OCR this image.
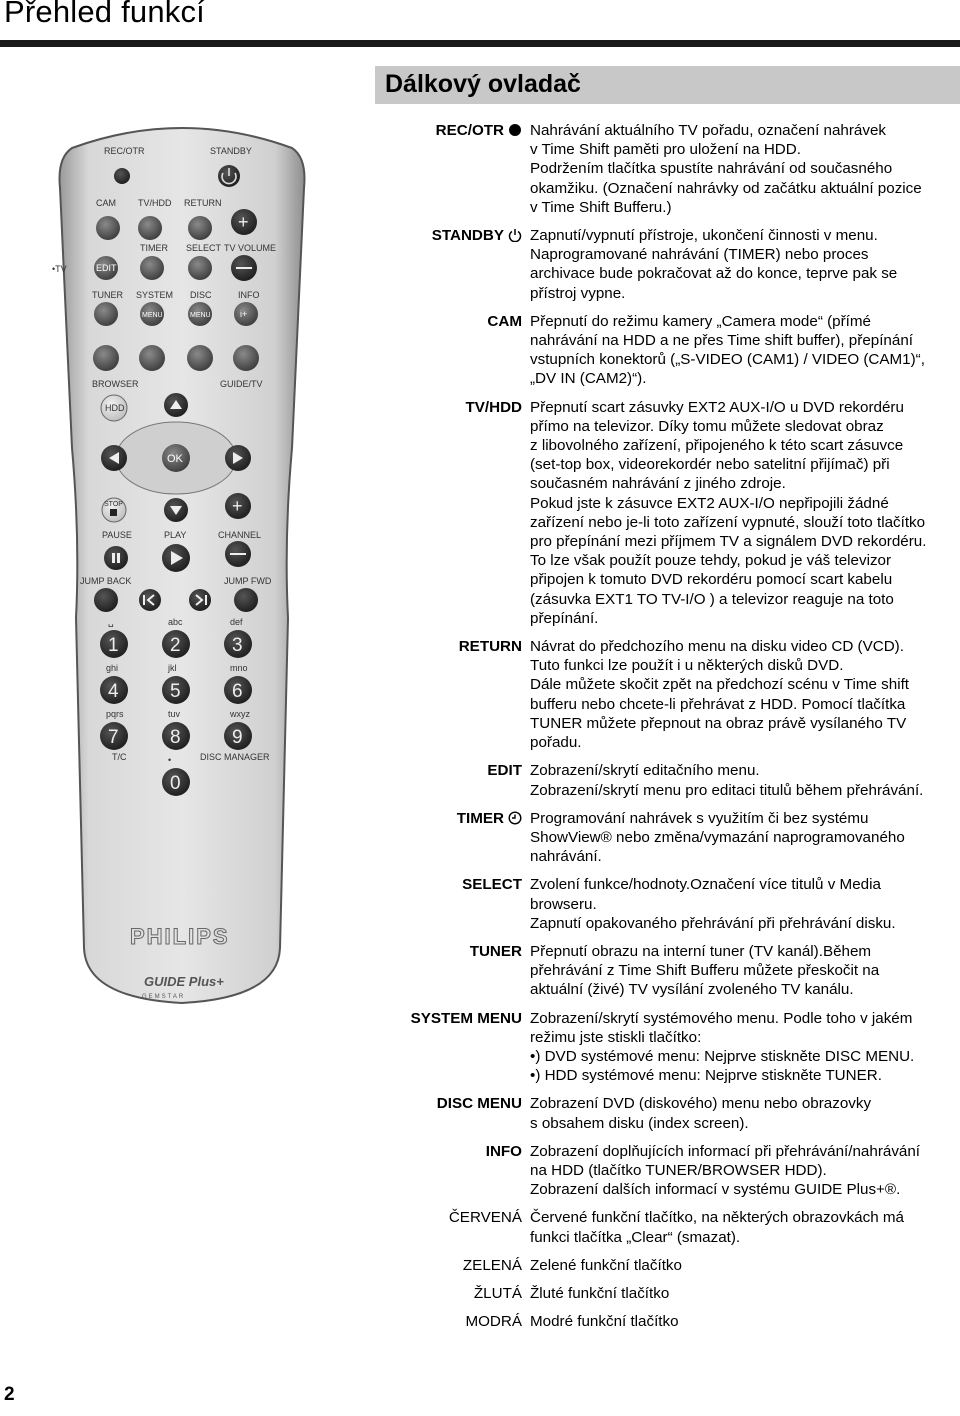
Přehled funkcí
Dálkový ovladač
REC/OTR	STANDBY
CAM TV/HDD RETURN
+
•TV
TIMER SELECT TV VOLUME
EDIT
TUNER SYSTEM DISC	INFO
MENU	MENU	i+
BROWSER	GUIDE/TV
HDD
OK
STOP	+
PAUSE	PLAY	CHANNEL
JUMP BACK	JUMP FWD
1	2
abc
3
def
4
ghi
5
jkl
6
mno
7
pqrs
8
tuv
9
wxyz
0
•
␣
T/C	DISC MANAGER
PHILIPS
GUIDE Plus+
GEMSTAR
REC/OTR	Nahrávání aktuálního TV pořadu, označení nahrávek
v Time Shift paměti pro uložení na HDD.
Podržením tlačítka spustíte nahrávání od současného
okamžiku. (Označení nahrávky od začátku aktuální pozice
v Time Shift Bufferu.)
STANDBY	Zapnutí/vypnutí přístroje, ukončení činnosti v menu.
Naprogramované nahrávání (TIMER) nebo proces
archivace bude pokračovat až do konce, teprve pak se
přístroj vypne.
CAM Přepnutí do režimu kamery „Camera mode“ (přímé
nahrávání na HDD a ne přes Time shift buffer), přepínání
vstupních konektorů („S-VIDEO (CAM1) / VIDEO (CAM1)“,
„DV IN (CAM2)“).
TV/HDD Přepnutí scart zásuvky EXT2 AUX-I/O u DVD rekordéru
přímo na televizor. Díky tomu můžete sledovat obraz
z libovolného zařízení, připojeného k této scart zásuvce
(set-top box, videorekordér nebo satelitní přijímač) při
současném nahrávání z jiného zdroje.
Pokud jste k zásuvce EXT2 AUX-I/O nepřipojili žádné
zařízení nebo je-li toto zařízení vypnuté, slouží toto tlačítko
pro přepínání mezi příjmem TV a signálem DVD rekordéru.
To lze však použít pouze tehdy, pokud je váš televizor
připojen k tomuto DVD rekordéru pomocí scart kabelu
(zásuvka EXT1 TO TV-I/O ) a televizor reaguje na toto
přepínání.
RETURN Návrat do předchozího menu na disku video CD (VCD).
Tuto funkci lze použít i u některých disků DVD.
Dále můžete skočit zpět na předchozí scénu v Time shift
bufferu nebo chcete-li přehrávat z HDD. Pomocí tlačítka
TUNER můžete přepnout na obraz právě vysílaného TV
pořadu.
EDIT Zobrazení/skrytí editačního menu.
Zobrazení/skrytí menu pro editaci titulů během přehrávání.
TIMER	Programování nahrávek s využitím či bez systému
ShowView® nebo změna/vymazání naprogramovaného
nahrávání.
SELECT Zvolení funkce/hodnoty.Označení více titulů v Media
browseru.
Zapnutí opakovaného přehrávání při přehrávání disku.
TUNER Přepnutí obrazu na interní tuner (TV kanál).Během
přehrávání z Time Shift Bufferu můžete přeskočit na
aktuální (živé) TV vysílání zvoleného TV kanálu.
SYSTEM MENU Zobrazení/skrytí systémového menu. Podle toho v jakém
režimu jste stiskli tlačítko:
•) DVD systémové menu: Nejprve stiskněte DISC MENU.
•) HDD systémové menu: Nejprve stiskněte TUNER.
DISC MENU Zobrazení DVD (diskového) menu nebo obrazovky
s obsahem disku (index screen).
INFO Zobrazení doplňujících informací při přehrávání/nahrávání
na HDD (tlačítko TUNER/BROWSER HDD).
Zobrazení dalších informací v systému GUIDE Plus+®.
ČERVENÁ Červené funkční tlačítko, na některých obrazovkách má
funkci tlačítka „Clear“ (smazat).
ZELENÁ Zelené funkční tlačítko
ŽLUTÁ Žluté funkční tlačítko
MODRÁ Modré funkční tlačítko
2
